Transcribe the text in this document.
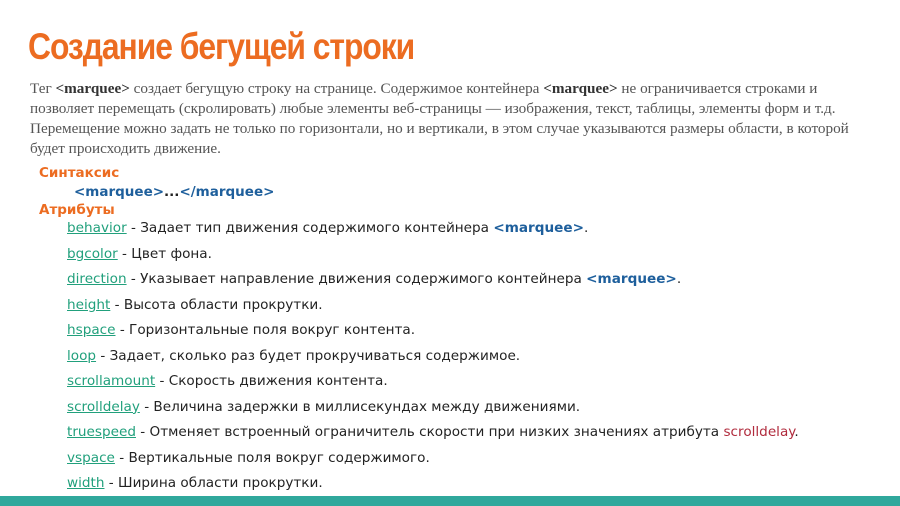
Создание бегущей строки

Тег <marquee> создает бегущую строку на странице. Содержимое контейнера <marquee> не ограничивается строками и позволяет перемещать (скролировать) любые элементы веб-страницы — изображения, текст, таблицы, элементы форм и т.д. Перемещение можно задать не только по горизонтали, но и вертикали, в этом случае указываются размеры области, в которой будет происходить движение.

Синтаксис
<marquee>...</marquee>
Атрибуты
behavior - Задает тип движения содержимого контейнера <marquee>.
bgcolor - Цвет фона.
direction - Указывает направление движения содержимого контейнера <marquee>.
height - Высота области прокрутки.
hspace - Горизонтальные поля вокруг контента.
loop - Задает, сколько раз будет прокручиваться содержимое.
scrollamount - Скорость движения контента.
scrolldelay - Величина задержки в миллисекундах между движениями.
truespeed - Отменяет встроенный ограничитель скорости при низких значениях атрибута scrolldelay.
vspace - Вертикальные поля вокруг содержимого.
width - Ширина области прокрутки.
